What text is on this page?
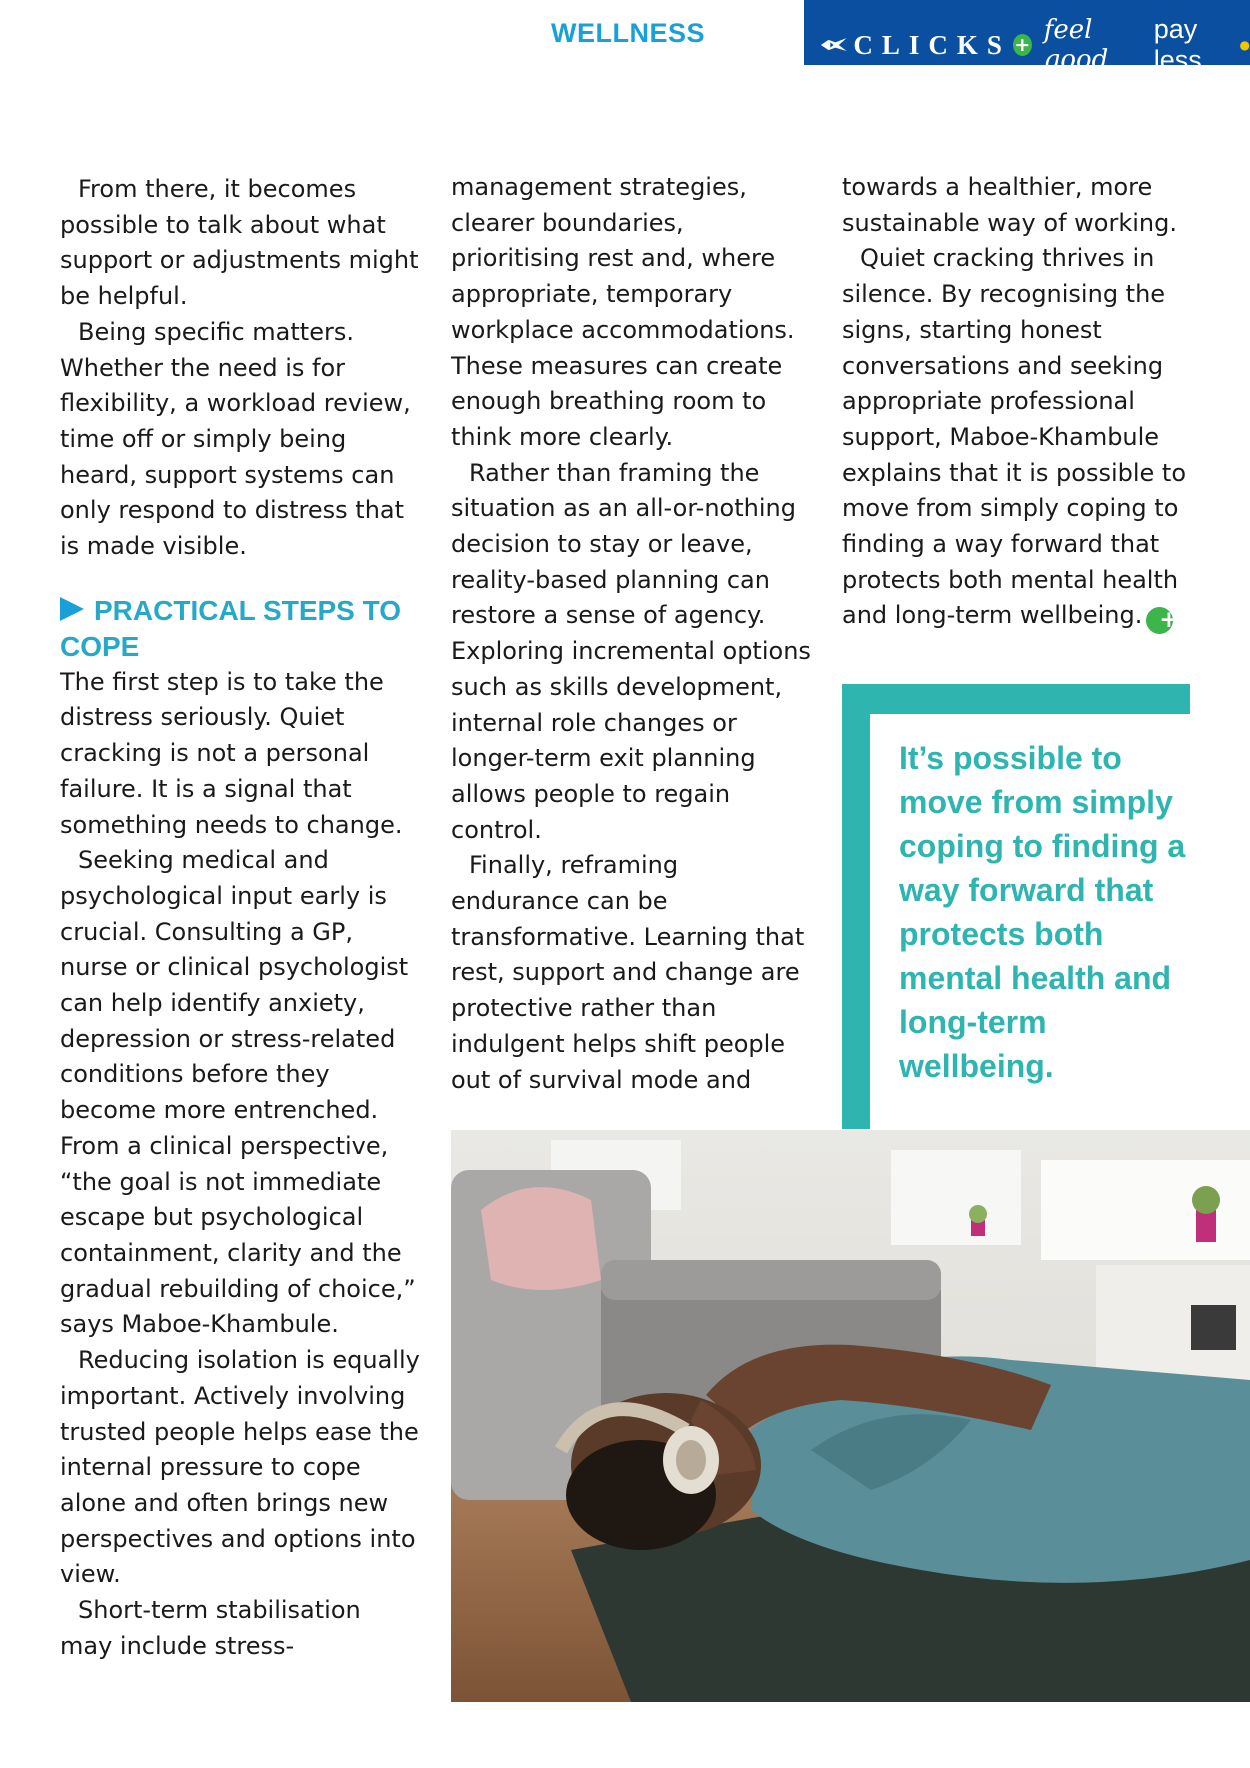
WELLNESS	CLICKS + feel good
pay less	●

From there, it becomes possible to talk about what support or adjustments might be helpful.

Being specific matters. Whether the need is for flexibility, a workload review, time off or simply being heard, support systems can only respond to distress that is made visible.

PRACTICAL STEPS TO COPE

The first step is to take the distress seriously. Quiet cracking is not a personal failure. It is a signal that something needs to change.

Seeking medical and psychological input early is crucial. Consulting a GP, nurse or clinical psychologist can help identify anxiety, depression or stress-related conditions before they become more entrenched. From a clinical perspective, “the goal is not immediate escape but psychological containment, clarity and the gradual rebuilding of choice,” says Maboe-Khambule.

Reducing isolation is equally important. Actively involving trusted people helps ease the internal pressure to cope alone and often brings new perspectives and options into view.

Short-term stabilisation may include stress-

management strategies, clearer boundaries, prioritising rest and, where appropriate, temporary workplace accommodations. These measures can create enough breathing room to think more clearly.

Rather than framing the situation as an all-or-nothing decision to stay or leave, reality-based planning can restore a sense of agency. Exploring incremental options such as skills development, internal role changes or longer-term exit planning allows people to regain control.

Finally, reframing endurance can be transformative. Learning that rest, support and change are protective rather than indulgent helps shift people out of survival mode and

towards a healthier, more sustainable way of working.

Quiet cracking thrives in silence. By recognising the signs, starting honest conversations and seeking appropriate professional support, Maboe-Khambule explains that it is possible to move from simply coping to finding a way forward that protects both mental health and long-term wellbeing. +

It’s possible to move from simply coping to finding a way forward that protects both mental health and long-term wellbeing.
